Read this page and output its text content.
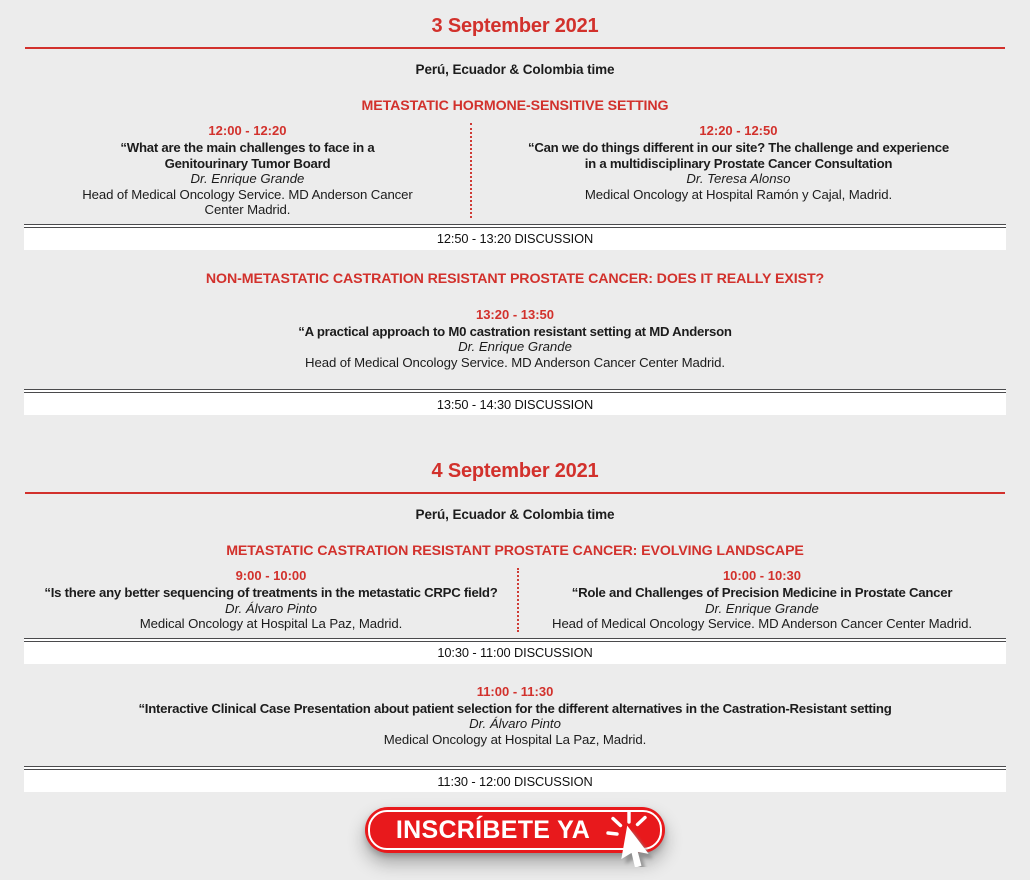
3 September 2021
Perú, Ecuador & Colombia time
METASTATIC HORMONE-SENSITIVE SETTING
12:00 - 12:20
“What are the main challenges to face in a Genitourinary Tumor Board
Dr. Enrique Grande
Head of Medical Oncology Service. MD Anderson Cancer Center Madrid.
12:20 - 12:50
“Can we do things different in our site? The challenge and experience in a multidisciplinary Prostate Cancer Consultation
Dr. Teresa Alonso
Medical Oncology at Hospital Ramón y Cajal, Madrid.
12:50 - 13:20 DISCUSSION
NON-METASTATIC CASTRATION RESISTANT PROSTATE CANCER: DOES IT REALLY EXIST?
13:20 - 13:50
“A practical approach to M0 castration resistant setting at MD Anderson
Dr. Enrique Grande
Head of Medical Oncology Service. MD Anderson Cancer Center Madrid.
13:50 - 14:30 DISCUSSION
4 September 2021
Perú, Ecuador & Colombia time
METASTATIC CASTRATION RESISTANT PROSTATE CANCER: EVOLVING LANDSCAPE
9:00 - 10:00
“Is there any better sequencing of treatments in the metastatic CRPC field?
Dr. Álvaro Pinto
Medical Oncology at Hospital La Paz, Madrid.
10:00 - 10:30
“Role and Challenges of Precision Medicine in Prostate Cancer
Dr. Enrique Grande
Head of Medical Oncology Service. MD Anderson Cancer Center Madrid.
10:30 - 11:00 DISCUSSION
11:00 - 11:30
“Interactive Clinical Case Presentation about patient selection for the different alternatives in the Castration-Resistant setting
Dr. Álvaro Pinto
Medical Oncology at Hospital La Paz, Madrid.
11:30 - 12:00 DISCUSSION
INSCRÍBETE YA
